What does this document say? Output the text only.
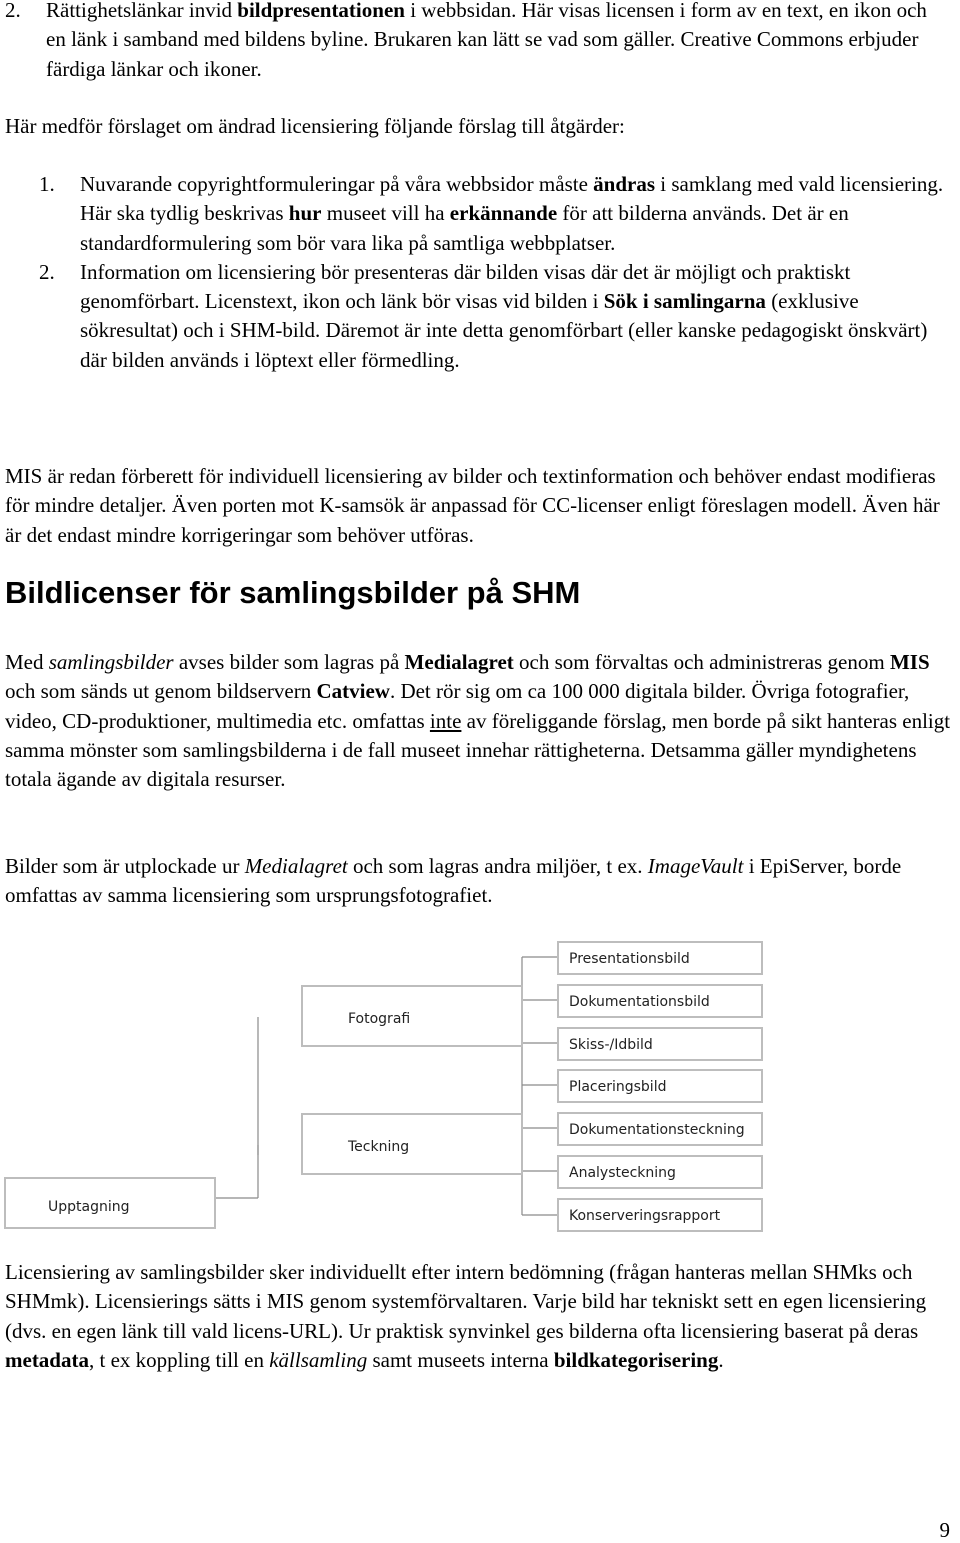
2. Rättighetslänkar invid bildpresentationen i webbsidan. Här visas licensen i form av en text, en ikon och en länk i samband med bildens byline. Brukaren kan lätt se vad som gäller. Creative Commons erbjuder färdiga länkar och ikoner.

Här medför förslaget om ändrad licensiering följande förslag till åtgärder:

1. Nuvarande copyrightformuleringar på våra webbsidor måste ändras i samklang med vald licensiering. Här ska tydlig beskrivas hur museet vill ha erkännande för att bilderna används. Det är en standardformulering som bör vara lika på samtliga webbplatser.
2. Information om licensiering bör presenteras där bilden visas där det är möjligt och praktiskt genomförbart. Licenstext, ikon och länk bör visas vid bilden i Sök i samlingarna (exklusive sökresultat) och i SHM-bild. Däremot är inte detta genomförbart (eller kanske pedagogiskt önskvärt) där bilden används i löptext eller förmedling.

MIS är redan förberett för individuell licensiering av bilder och textinformation och behöver endast modifieras för mindre detaljer. Även porten mot K-samsök är anpassad för CC-licenser enligt föreslagen modell. Även här är det endast mindre korrigeringar som behöver utföras.

Bildlicenser för samlingsbilder på SHM

Med samlingsbilder avses bilder som lagras på Medialagret och som förvaltas och administreras genom MIS och som sänds ut genom bildservern Catview. Det rör sig om ca 100 000 digitala bilder. Övriga fotografier, video, CD-produktioner, multimedia etc. omfattas inte av föreliggande förslag, men borde på sikt hanteras enligt samma mönster som samlingsbilderna i de fall museet innehar rättigheterna. Detsamma gäller myndighetens totala ägande av digitala resurser.

Bilder som är utplockade ur Medialagret och som lagras andra miljöer, t ex. ImageVault i EpiServer, borde omfattas av samma licensiering som ursprungsfotografiet.

Upptagning
Fotografi
Teckning
Presentationsbild
Dokumentationsbild
Skiss-/Idbild
Placeringsbild
Dokumentationsteckning
Analysteckning
Konserveringsrapport

Licensiering av samlingsbilder sker individuellt efter intern bedömning (frågan hanteras mellan SHMks och SHMmk). Licensierings sätts i MIS genom systemförvaltaren. Varje bild har tekniskt sett en egen licensiering (dvs. en egen länk till vald licens-URL). Ur praktisk synvinkel ges bilderna ofta licensiering baserat på deras metadata, t ex koppling till en källsamling samt museets interna bildkategorisering.

9
